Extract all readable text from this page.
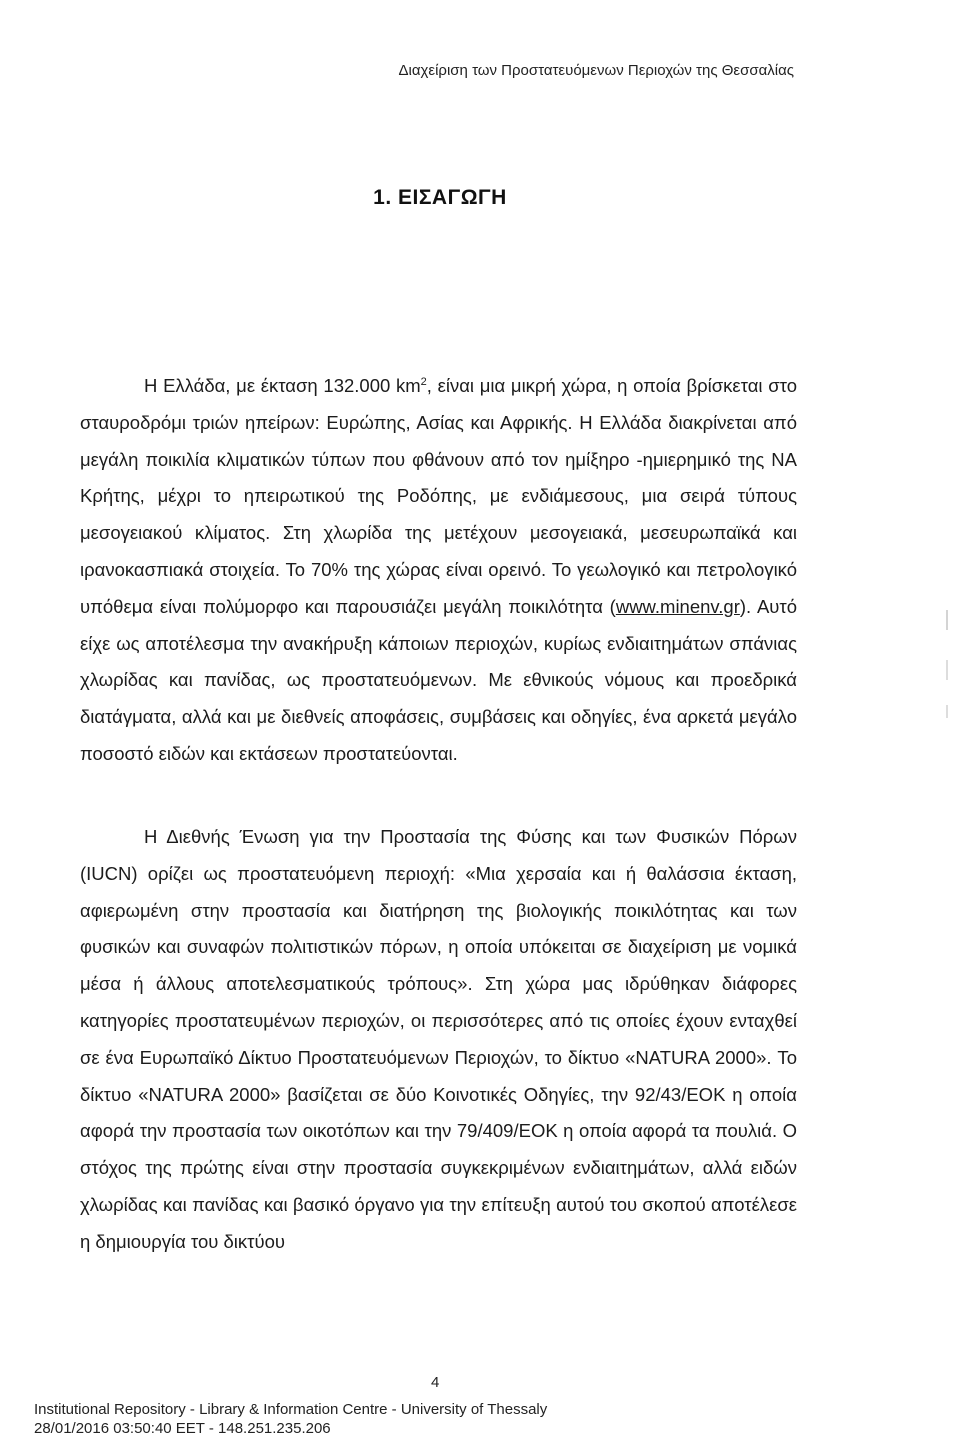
Διαχείριση των Προστατευόμενων Περιοχών της Θεσσαλίας
1. ΕΙΣΑΓΩΓΗ
Η Ελλάδα, με έκταση 132.000 $km^2$, είναι μια μικρή χώρα, η οποία βρίσκεται στο σταυροδρόμι τριών ηπείρων: Ευρώπης, Ασίας και Αφρικής. Η Ελλάδα διακρίνεται από μεγάλη ποικιλία κλιματικών τύπων που φθάνουν από τον ημίξηρο -ημιερημικό της ΝΑ Κρήτης, μέχρι το ηπειρωτικού της Ροδόπης, με ενδιάμεσους, μια σειρά τύπους μεσογειακού κλίματος. Στη χλωρίδα της μετέχουν μεσογειακά, μεσευρωπαϊκά και ιρανοκασπιακά στοιχεία. Το 70% της χώρας είναι ορεινό. Το γεωλογικό και πετρολογικό υπόθεμα είναι πολύμορφο και παρουσιάζει μεγάλη ποικιλότητα (www.minenv.gr). Αυτό είχε ως αποτέλεσμα την ανακήρυξη κάποιων περιοχών, κυρίως ενδιαιτημάτων σπάνιας χλωρίδας και πανίδας, ως προστατευόμενων. Με εθνικούς νόμους και προεδρικά διατάγματα, αλλά και με διεθνείς αποφάσεις, συμβάσεις και οδηγίες, ένα αρκετά μεγάλο ποσοστό ειδών και εκτάσεων προστατεύονται.
Η Διεθνής Ένωση για την Προστασία της Φύσης και των Φυσικών Πόρων (IUCN) ορίζει ως προστατευόμενη περιοχή: «Μια χερσαία και ή θαλάσσια έκταση, αφιερωμένη στην προστασία και διατήρηση της βιολογικής ποικιλότητας και των φυσικών και συναφών πολιτιστικών πόρων, η οποία υπόκειται σε διαχείριση με νομικά μέσα ή άλλους αποτελεσματικούς τρόπους». Στη χώρα μας ιδρύθηκαν διάφορες κατηγορίες προστατευμένων περιοχών, οι περισσότερες από τις οποίες έχουν ενταχθεί σε ένα Ευρωπαϊκό Δίκτυο Προστατευόμενων Περιοχών, το δίκτυο «NATURA 2000». Το δίκτυο «NATURA 2000» βασίζεται σε δύο Κοινοτικές Οδηγίες, την 92/43/ΕΟΚ η οποία αφορά την προστασία των οικοτόπων και την 79/409/ΕΟΚ η οποία αφορά τα πουλιά. Ο στόχος της πρώτης είναι στην προστασία συγκεκριμένων ενδιαιτημάτων, αλλά ειδών χλωρίδας και πανίδας και βασικό όργανο για την επίτευξη αυτού του σκοπού αποτέλεσε η δημιουργία του δικτύου
4
Institutional Repository - Library & Information Centre - University of Thessaly
28/01/2016 03:50:40 EET - 148.251.235.206
